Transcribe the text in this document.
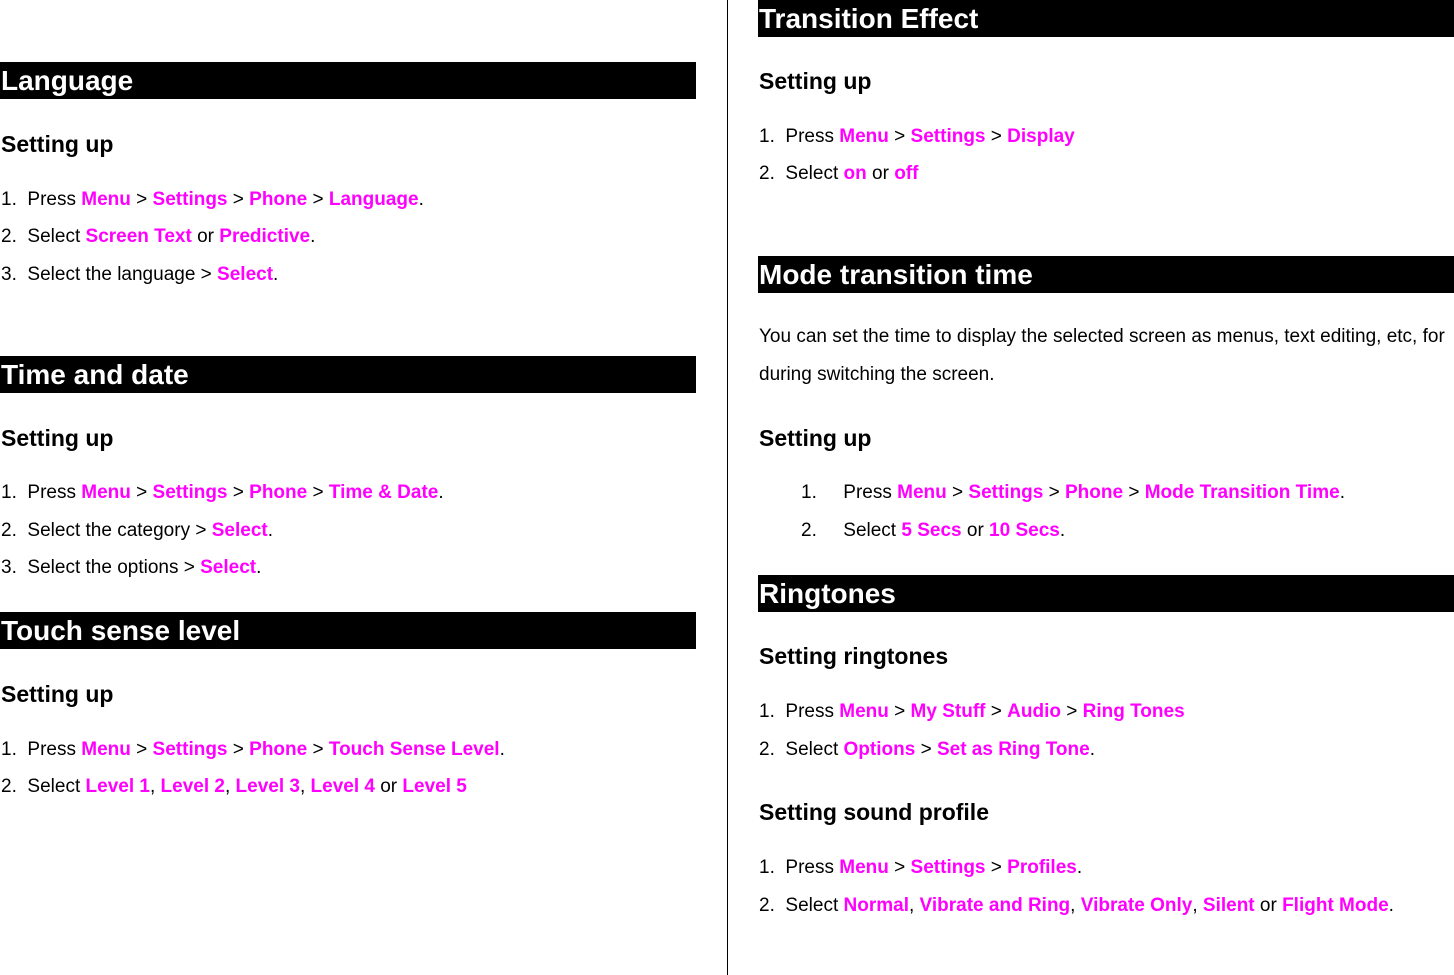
Language
Setting up
1. Press Menu > Settings > Phone > Language.
2. Select Screen Text or Predictive.
3. Select the language > Select.
Time and date
Setting up
1. Press Menu > Settings > Phone > Time & Date.
2. Select the category > Select.
3. Select the options > Select.
Touch sense level
Setting up
1. Press Menu > Settings > Phone > Touch Sense Level.
2. Select Level 1, Level 2, Level 3, Level 4 or Level 5
Transition Effect
Setting up
1. Press Menu > Settings > Display
2. Select on or off
Mode transition time
You can set the time to display the selected screen as menus, text editing, etc, for during switching the screen.
Setting up
1. Press Menu > Settings > Phone > Mode Transition Time.
2. Select 5 Secs or 10 Secs.
Ringtones
Setting ringtones
1. Press Menu > My Stuff > Audio > Ring Tones
2. Select Options > Set as Ring Tone.
Setting sound profile
1. Press Menu > Settings > Profiles.
2. Select Normal, Vibrate and Ring, Vibrate Only, Silent or Flight Mode.
